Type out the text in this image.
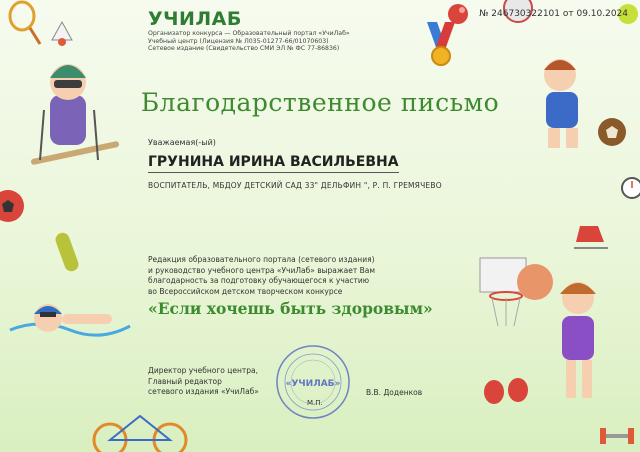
УЧИЛАБ
Организатор конкурса — Образовательный портал «УчиЛаб»
Учебный центр (Лицензия № Л035-01277-66/01070603)
Сетевое издание (Свидетельство СМИ ЭЛ № ФС 77-86836)
№ 246730322101 от 09.10.2024
Благодарственное письмо
Уважаемая(-ый)
ГРУНИНА ИРИНА ВАСИЛЬЕВНА
ВОСПИТАТЕЛЬ, МБДОУ ДЕТСКИЙ САД 33" ДЕЛЬФИН ", Р. П. ГРЕМЯЧЕВО
Редакция образовательного портала (сетевого издания)
и руководство учебного центра «УчиЛаб» выражает Вам
благодарность за подготовку обучающегося к участию
во Всероссийском детском творческом конкурсе
«Если хочешь быть здоровым»
Директор учебного центра,
Главный редактор
сетевого издания «УчиЛаб»
«УЧИЛАБ»
М.П.
В.В. Доденков
